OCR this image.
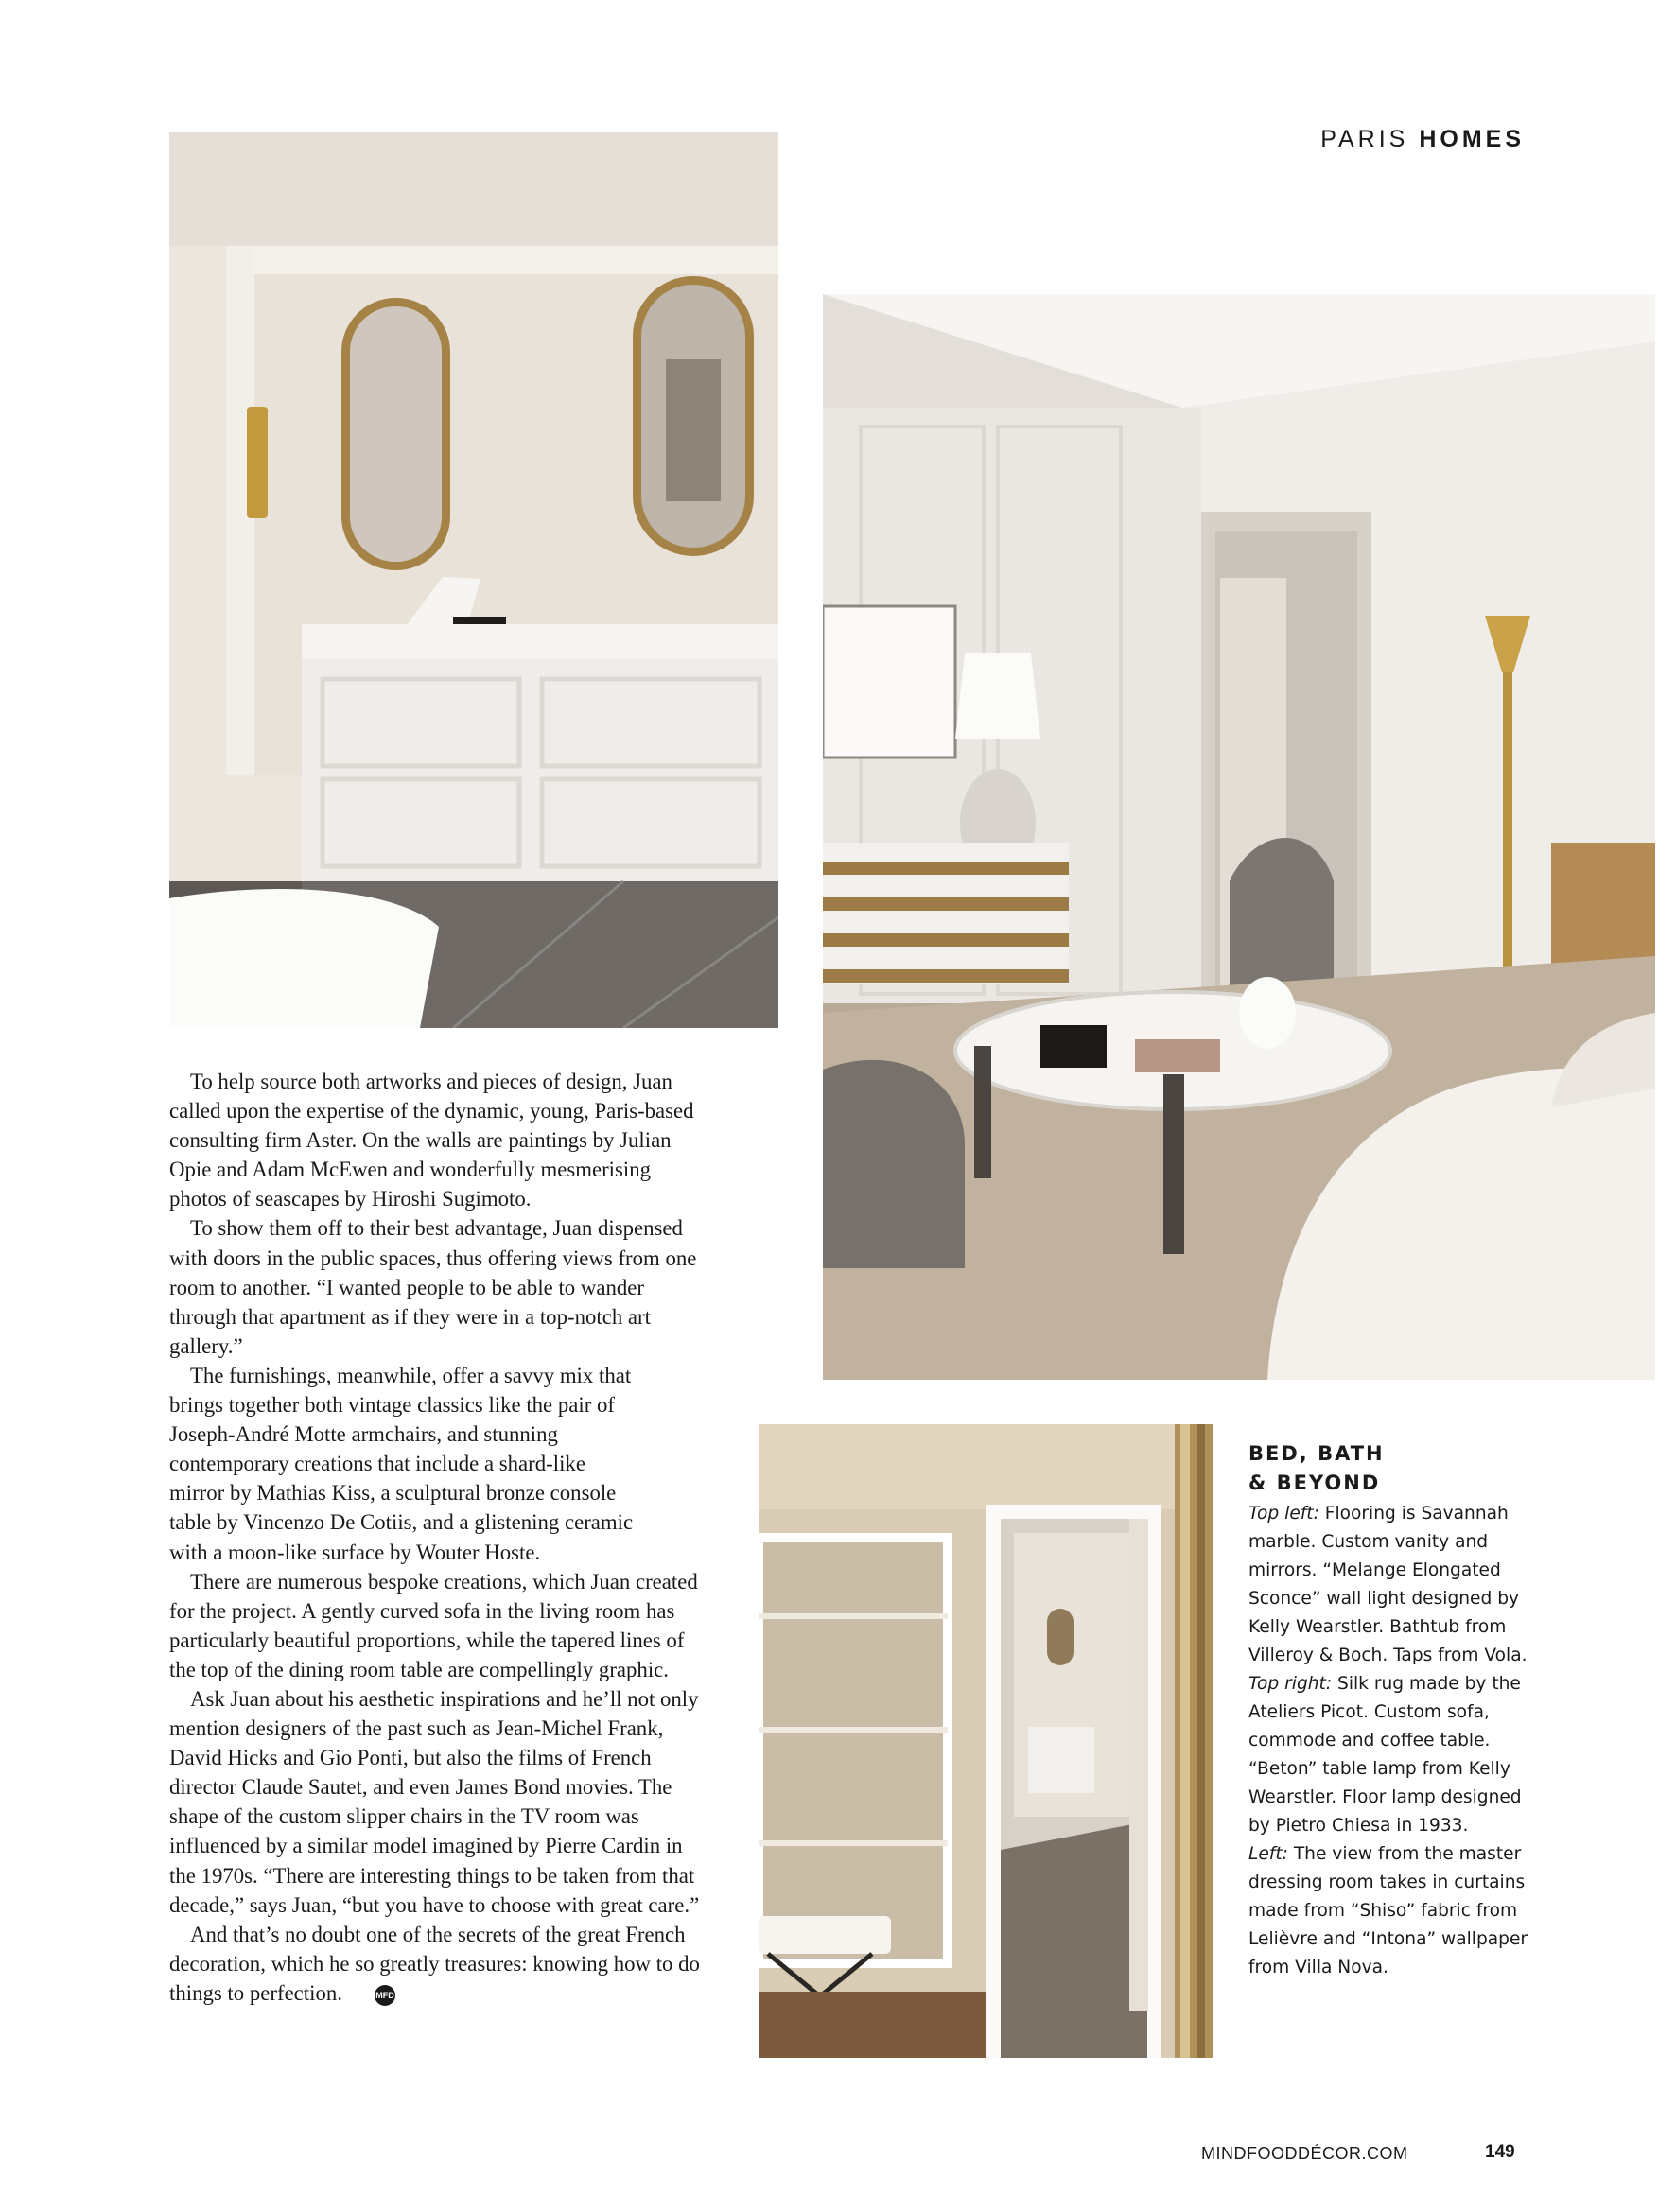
PARIS HOMES

To help source both artworks and pieces of design, Juan called upon the expertise of the dynamic, young, Paris-based consulting firm Aster. On the walls are paintings by Julian Opie and Adam McEwen and wonderfully mesmerising photos of seascapes by Hiroshi Sugimoto.

To show them off to their best advantage, Juan dispensed with doors in the public spaces, thus offering views from one room to another. “I wanted people to be able to wander through that apartment as if they were in a top-notch art gallery.”

The furnishings, meanwhile, offer a savvy mix that brings together both vintage classics like the pair of Joseph-André Motte armchairs, and stunning contemporary creations that include a shard-like mirror by Mathias Kiss, a sculptural bronze console table by Vincenzo De Cotiis, and a glistening ceramic with a moon-like surface by Wouter Hoste.

There are numerous bespoke creations, which Juan created for the project. A gently curved sofa in the living room has particularly beautiful proportions, while the tapered lines of the top of the dining room table are compellingly graphic.

Ask Juan about his aesthetic inspirations and he’ll not only mention designers of the past such as Jean-Michel Frank, David Hicks and Gio Ponti, but also the films of French director Claude Sautet, and even James Bond movies. The shape of the custom slipper chairs in the TV room was influenced by a similar model imagined by Pierre Cardin in the 1970s. “There are interesting things to be taken from that decade,” says Juan, “but you have to choose with great care.”

And that’s no doubt one of the secrets of the great French decoration, which he so greatly treasures: knowing how to do things to perfection.	MFD

BED, BATH
& BEYOND

Top left: Flooring is Savannah marble. Custom vanity and mirrors. “Melange Elongated Sconce” wall light designed by Kelly Wearstler. Bathtub from Villeroy & Boch. Taps from Vola.

Top right: Silk rug made by the Ateliers Picot. Custom sofa, commode and coffee table. “Beton” table lamp from Kelly Wearstler. Floor lamp designed by Pietro Chiesa in 1933.

Left: The view from the master dressing room takes in curtains made from “Shiso” fabric from Lelièvre and “Intona” wallpaper from Villa Nova.

MINDFOODDÉCOR.COM	149
